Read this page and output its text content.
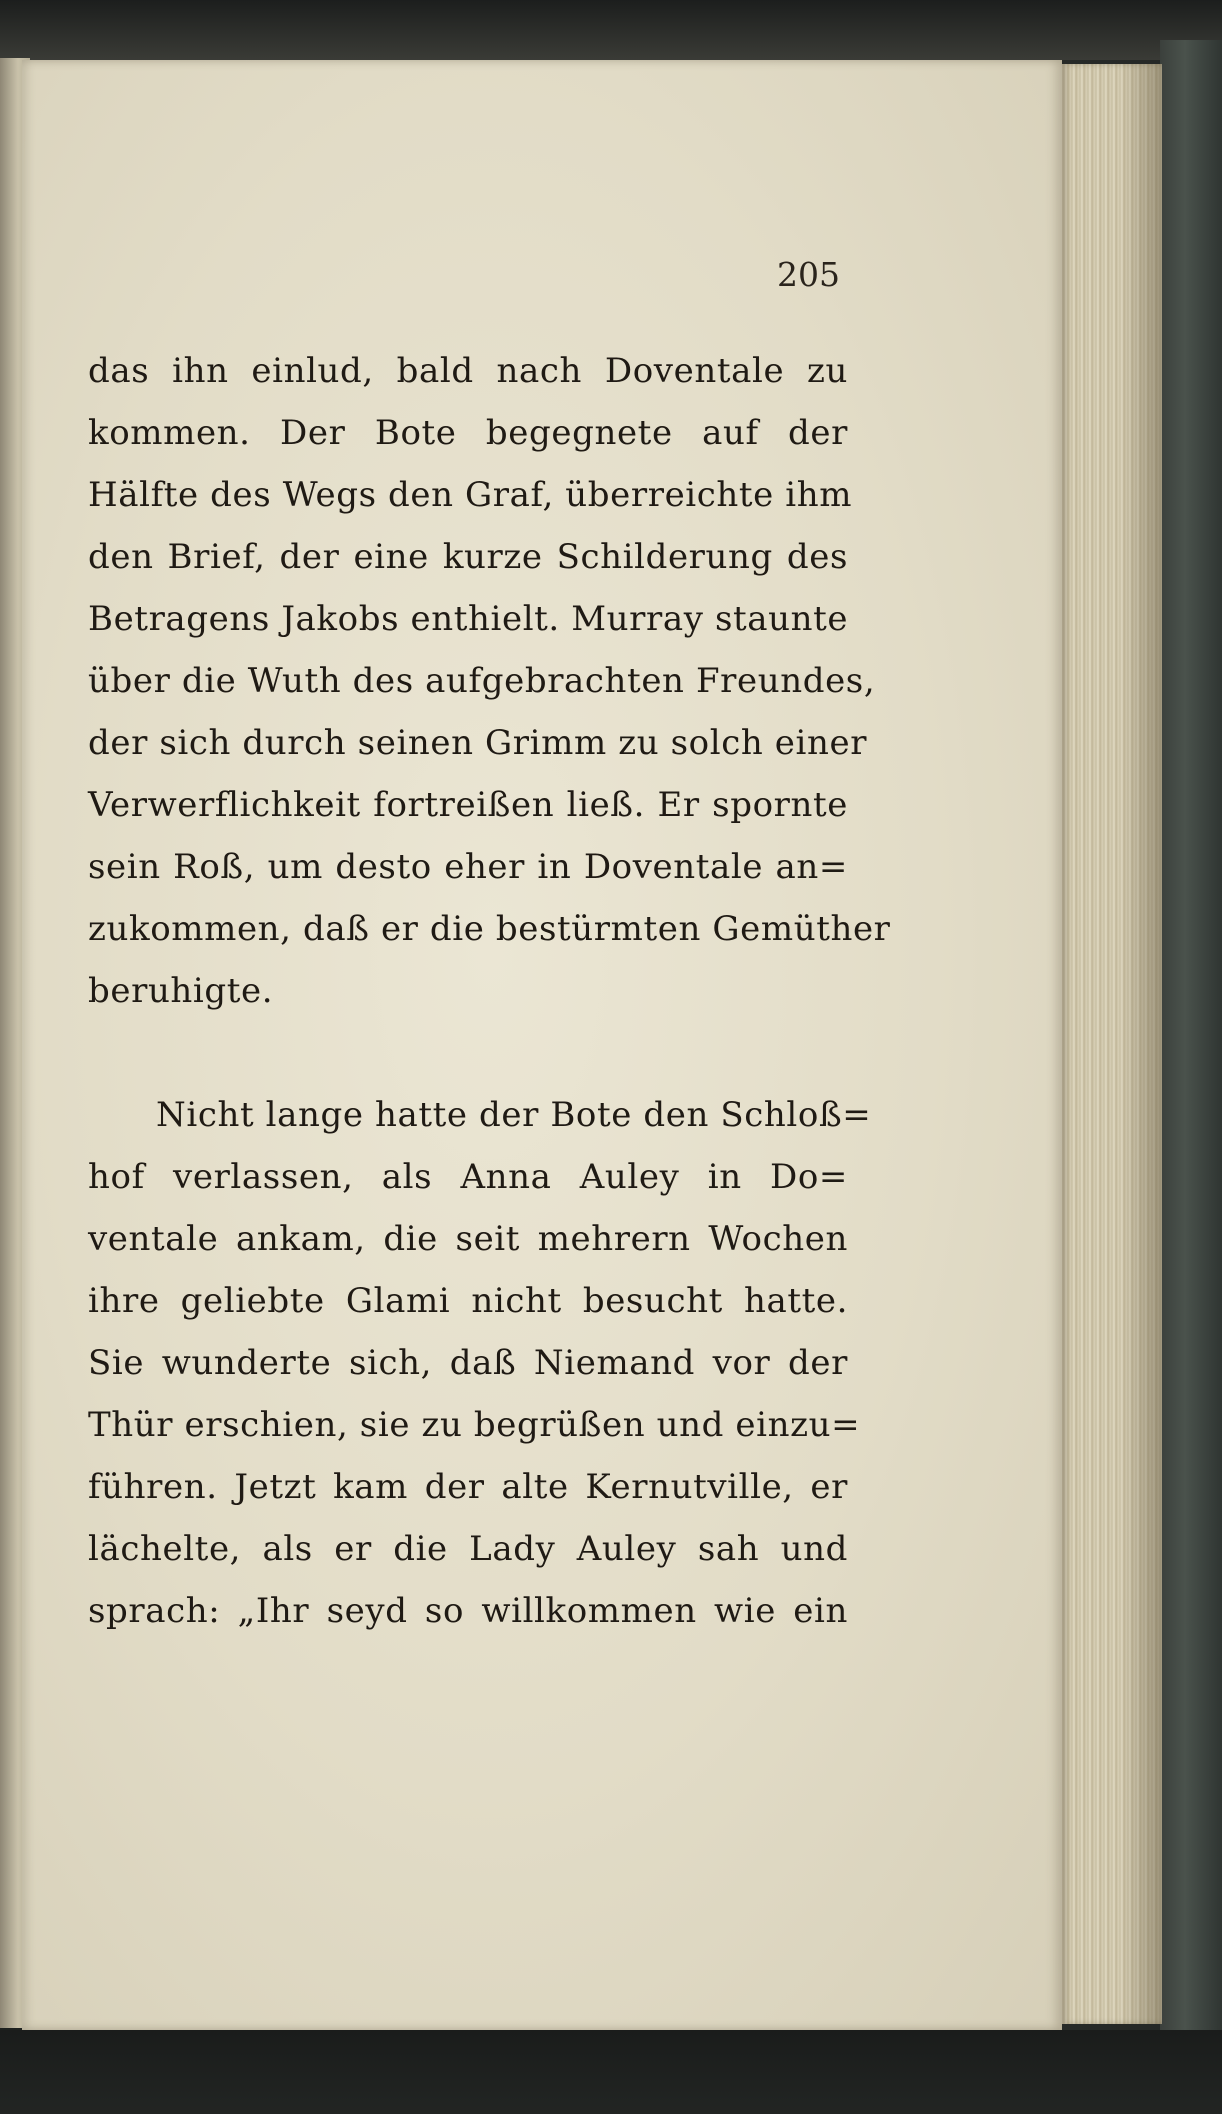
205

das ihn einlud, bald nach Doventale zu
kommen. Der Bote begegnete auf der
Hälfte des Wegs den Graf, überreichte ihm
den Brief, der eine kurze Schilderung des
Betragens Jakobs enthielt. Murray staunte
über die Wuth des aufgebrachten Freundes,
der sich durch seinen Grimm zu solch einer
Verwerflichkeit fortreißen ließ. Er spornte
sein Roß, um desto eher in Doventale an=
zukommen, daß er die bestürmten Gemüther
beruhigte.

Nicht lange hatte der Bote den Schloß=
hof verlassen, als Anna Auley in Do=
ventale ankam, die seit mehrern Wochen
ihre geliebte Glami nicht besucht hatte.
Sie wunderte sich, daß Niemand vor der
Thür erschien, sie zu begrüßen und einzu=
führen. Jetzt kam der alte Kernutville, er
lächelte, als er die Lady Auley sah und
sprach: „Ihr seyd so willkommen wie ein
